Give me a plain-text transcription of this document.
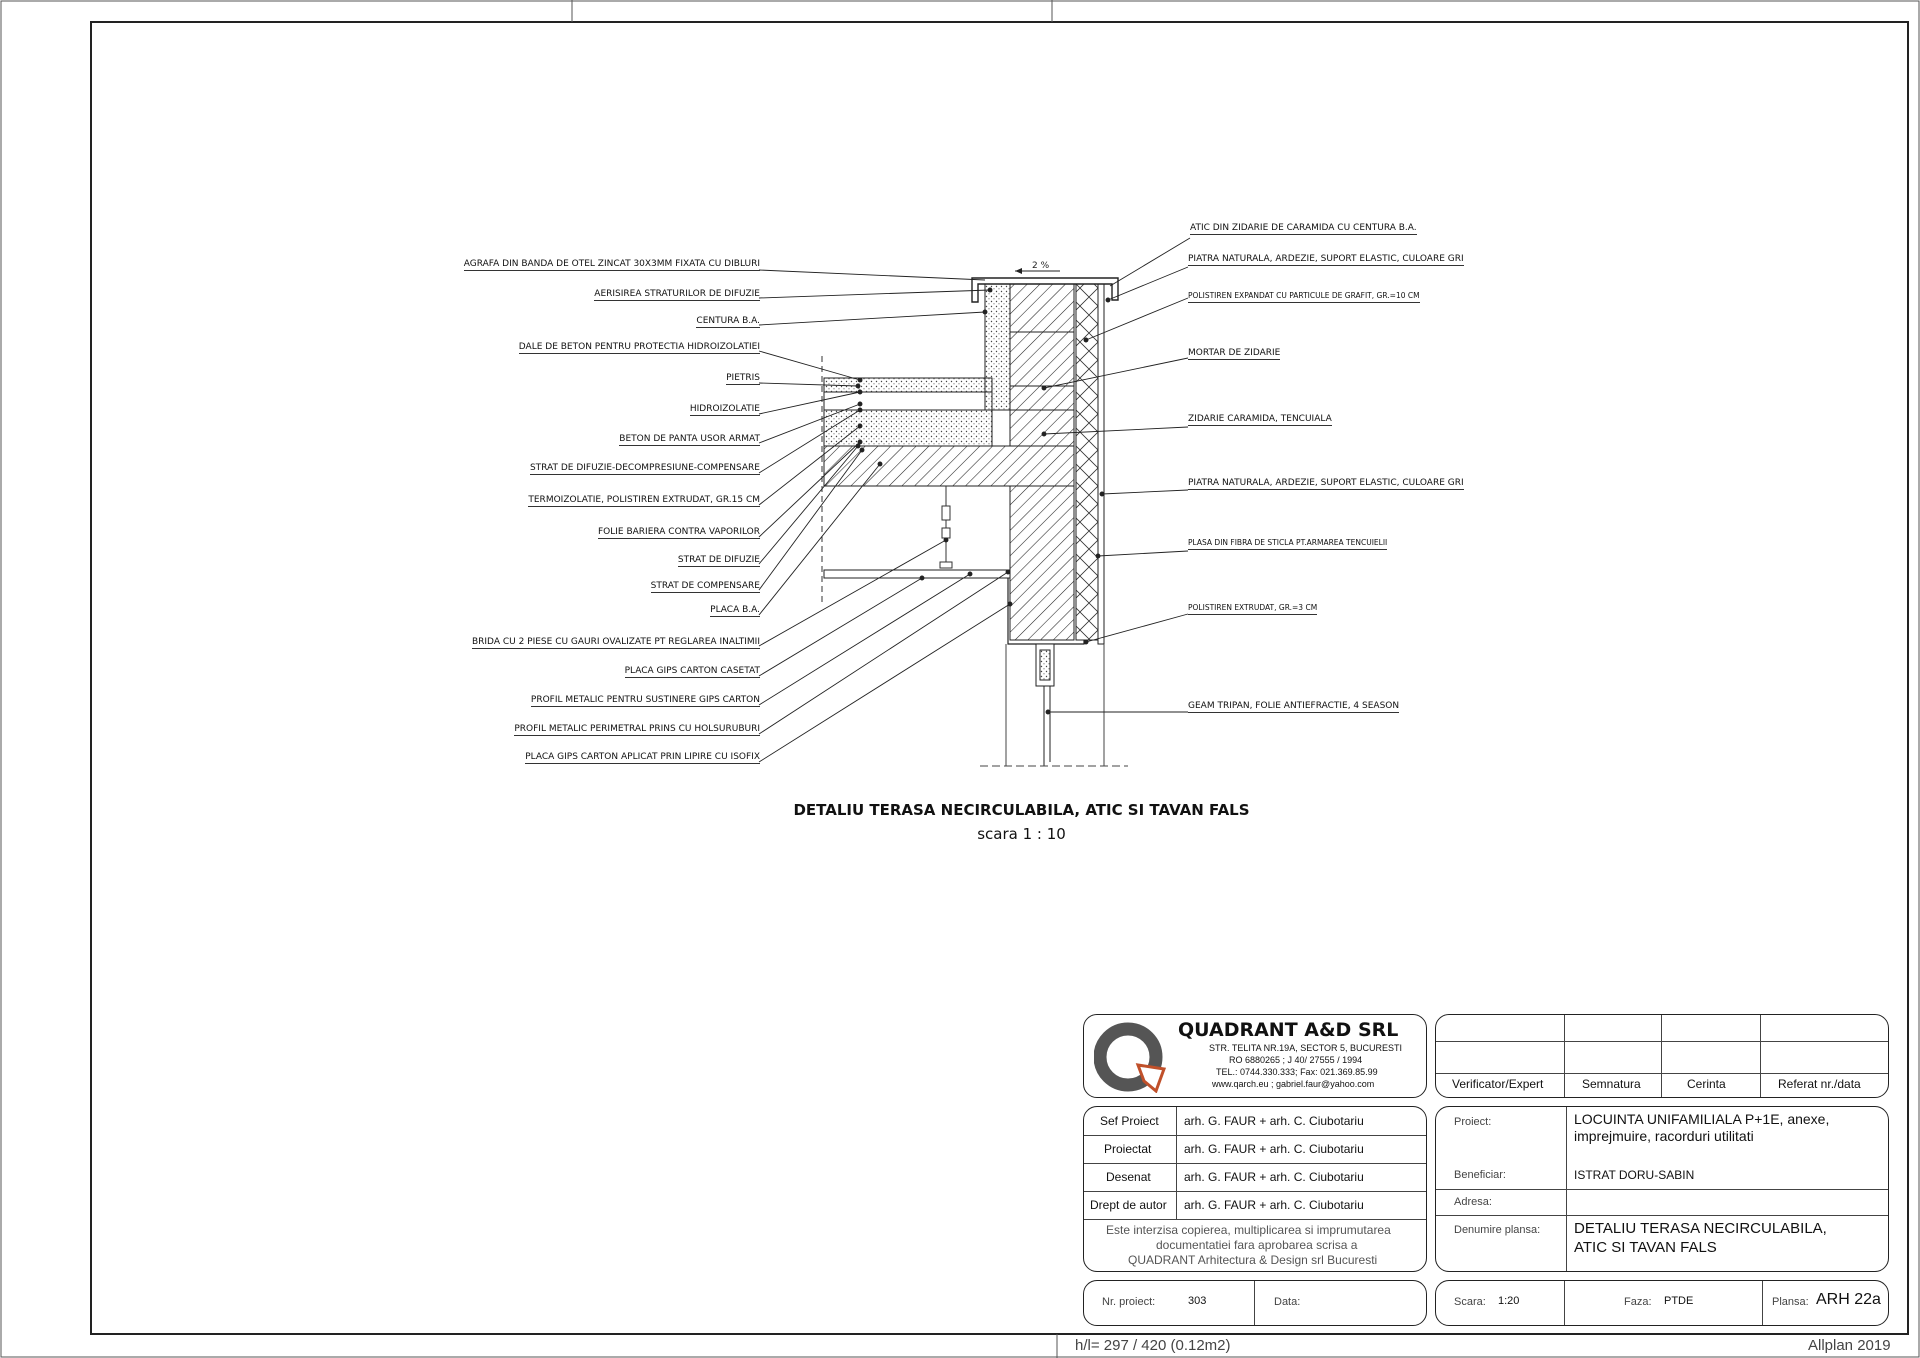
2 %
AGRAFA DIN BANDA DE OTEL ZINCAT 30X3MM FIXATA CU DIBLURI
AERISIREA STRATURILOR DE DIFUZIE
CENTURA B.A.
DALE DE BETON PENTRU PROTECTIA HIDROIZOLATIEI
PIETRIS
HIDROIZOLATIE
BETON DE PANTA USOR ARMAT
STRAT DE DIFUZIE-DECOMPRESIUNE-COMPENSARE
TERMOIZOLATIE, POLISTIREN EXTRUDAT, GR.15 CM
FOLIE BARIERA CONTRA VAPORILOR
STRAT DE DIFUZIE
STRAT DE COMPENSARE
PLACA B.A.
BRIDA CU 2 PIESE CU GAURI OVALIZATE PT REGLAREA INALTIMII
PLACA GIPS CARTON CASETAT
PROFIL METALIC PENTRU SUSTINERE GIPS CARTON
PROFIL METALIC PERIMETRAL PRINS CU HOLSURUBURI
PLACA GIPS CARTON APLICAT PRIN LIPIRE CU ISOFIX
ATIC DIN ZIDARIE DE CARAMIDA CU CENTURA B.A.
PIATRA NATURALA, ARDEZIE, SUPORT ELASTIC, CULOARE GRI
POLISTIREN EXPANDAT CU PARTICULE DE GRAFIT, GR.=10 CM
MORTAR DE ZIDARIE
ZIDARIE CARAMIDA, TENCUIALA
PIATRA NATURALA, ARDEZIE, SUPORT ELASTIC, CULOARE GRI
PLASA DIN FIBRA DE STICLA PT.ARMAREA TENCUIELII
POLISTIREN EXTRUDAT, GR.=3 CM
GEAM TRIPAN, FOLIE ANTIEFRACTIE, 4 SEASON
DETALIU TERASA NECIRCULABILA, ATIC SI TAVAN FALS
scara 1 : 10
QUADRANT A&D SRL
STR. TELITA NR.19A, SECTOR 5, BUCURESTI
RO 6880265 ; J 40/ 27555 / 1994
TEL.: 0744.330.333; Fax: 021.369.85.99
www.qarch.eu ; gabriel.faur@yahoo.com	Verificator/Expert	Semnatura	Cerinta	Referat nr./data
Sef Proiect arh. G. FAUR + arh. C. Ciubotariu
Proiectat	arh. G. FAUR + arh. C. Ciubotariu
Desenat	arh. G. FAUR + arh. C. Ciubotariu
Drept de autor arh. G. FAUR + arh. C. Ciubotariu
Este interzisa copierea, multiplicarea si imprumutarea
documentatiei fara aprobarea scrisa a
QUADRANT Arhitectura & Design srl Bucuresti
Proiect:	LOCUINTA UNIFAMILIALA P+1E, anexe,
imprejmuire, racorduri utilitati
Beneficiar:	ISTRAT DORU-SABIN
Adresa:
Denumire plansa: DETALIU TERASA NECIRCULABILA,
ATIC SI TAVAN FALS
Nr. proiect:	303	Data:	Scara: 1:20	Faza: PTDE	Plansa: ARH 22a
h/l= 297 / 420 (0.12m2)	Allplan 2019
